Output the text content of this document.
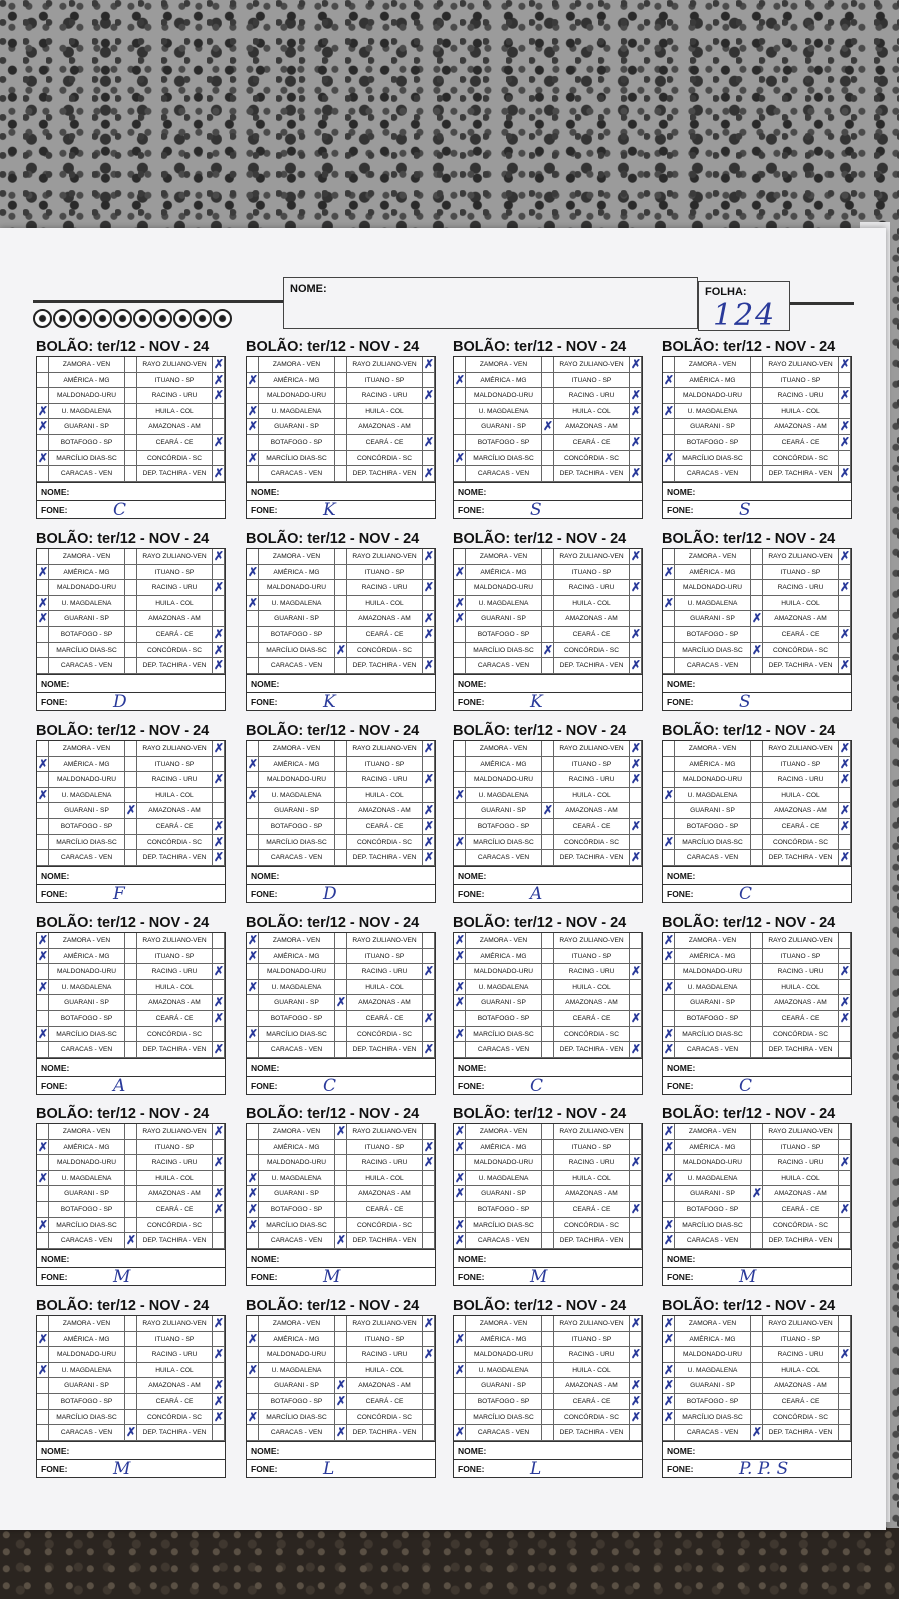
NOME:	FOLHA:
124
BOLÃO: ter/12 - NOV - 24
ZAMORA - VEN	RAYO ZULIANO-VEN ✗
AMÉRICA - MG	ITUANO - SP	✗
MALDONADO-URU	RACING - URU	✗
✗	U. MAGDALENA	HUILA - COL
✗	GUARANI - SP	AMAZONAS - AM
BOTAFOGO - SP	CEARÁ - CE	✗
✗	MARCÍLIO DIAS-SC	CONCÓRDIA - SC
CARACAS - VEN	DEP. TACHIRA - VEN ✗
NOME:
FONE:	C
BOLÃO: ter/12 - NOV - 24
ZAMORA - VEN	RAYO ZULIANO-VEN ✗
✗	AMÉRICA - MG	ITUANO - SP
MALDONADO-URU	RACING - URU	✗
✗	U. MAGDALENA	HUILA - COL
✗	GUARANI - SP	AMAZONAS - AM
BOTAFOGO - SP	CEARÁ - CE	✗
✗	MARCÍLIO DIAS-SC	CONCÓRDIA - SC
CARACAS - VEN	DEP. TACHIRA - VEN ✗
NOME:
FONE:	K
BOLÃO: ter/12 - NOV - 24
ZAMORA - VEN	RAYO ZULIANO-VEN ✗
✗	AMÉRICA - MG	ITUANO - SP
MALDONADO-URU	RACING - URU	✗
U. MAGDALENA	HUILA - COL	✗
GUARANI - SP	✗	AMAZONAS - AM
BOTAFOGO - SP	CEARÁ - CE	✗
✗	MARCÍLIO DIAS-SC	CONCÓRDIA - SC
CARACAS - VEN	DEP. TACHIRA - VEN ✗
NOME:
FONE:	S
BOLÃO: ter/12 - NOV - 24
ZAMORA - VEN	RAYO ZULIANO-VEN ✗
✗	AMÉRICA - MG	ITUANO - SP
MALDONADO-URU	RACING - URU	✗
✗	U. MAGDALENA	HUILA - COL
GUARANI - SP	AMAZONAS - AM	✗
BOTAFOGO - SP	CEARÁ - CE	✗
✗	MARCÍLIO DIAS-SC	CONCÓRDIA - SC
CARACAS - VEN	DEP. TACHIRA - VEN ✗
NOME:
FONE:	S
BOLÃO: ter/12 - NOV - 24
ZAMORA - VEN	RAYO ZULIANO-VEN ✗
✗	AMÉRICA - MG	ITUANO - SP
MALDONADO-URU	RACING - URU	✗
✗	U. MAGDALENA	HUILA - COL
✗	GUARANI - SP	AMAZONAS - AM
BOTAFOGO - SP	CEARÁ - CE	✗
MARCÍLIO DIAS-SC	CONCÓRDIA - SC	✗
CARACAS - VEN	DEP. TACHIRA - VEN ✗
NOME:
FONE:	D
BOLÃO: ter/12 - NOV - 24
ZAMORA - VEN	RAYO ZULIANO-VEN ✗
✗	AMÉRICA - MG	ITUANO - SP
MALDONADO-URU	RACING - URU	✗
✗	U. MAGDALENA	HUILA - COL
GUARANI - SP	AMAZONAS - AM	✗
BOTAFOGO - SP	CEARÁ - CE	✗
MARCÍLIO DIAS-SC ✗	CONCÓRDIA - SC
CARACAS - VEN	DEP. TACHIRA - VEN ✗
NOME:
FONE:	K
BOLÃO: ter/12 - NOV - 24
ZAMORA - VEN	RAYO ZULIANO-VEN ✗
✗	AMÉRICA - MG	ITUANO - SP
MALDONADO-URU	RACING - URU	✗
✗	U. MAGDALENA	HUILA - COL
✗	GUARANI - SP	AMAZONAS - AM
BOTAFOGO - SP	CEARÁ - CE	✗
MARCÍLIO DIAS-SC ✗	CONCÓRDIA - SC
CARACAS - VEN	DEP. TACHIRA - VEN ✗
NOME:
FONE:	K
BOLÃO: ter/12 - NOV - 24
ZAMORA - VEN	RAYO ZULIANO-VEN ✗
✗	AMÉRICA - MG	ITUANO - SP
MALDONADO-URU	RACING - URU	✗
✗	U. MAGDALENA	HUILA - COL
GUARANI - SP	✗	AMAZONAS - AM
BOTAFOGO - SP	CEARÁ - CE	✗
MARCÍLIO DIAS-SC ✗	CONCÓRDIA - SC
CARACAS - VEN	DEP. TACHIRA - VEN ✗
NOME:
FONE:	S
BOLÃO: ter/12 - NOV - 24
ZAMORA - VEN	RAYO ZULIANO-VEN ✗
✗	AMÉRICA - MG	ITUANO - SP
MALDONADO-URU	RACING - URU	✗
✗	U. MAGDALENA	HUILA - COL
GUARANI - SP	✗	AMAZONAS - AM
BOTAFOGO - SP	CEARÁ - CE	✗
MARCÍLIO DIAS-SC	CONCÓRDIA - SC	✗
CARACAS - VEN	DEP. TACHIRA - VEN ✗
NOME:
FONE:	F
BOLÃO: ter/12 - NOV - 24
ZAMORA - VEN	RAYO ZULIANO-VEN ✗
✗	AMÉRICA - MG	ITUANO - SP
MALDONADO-URU	RACING - URU	✗
✗	U. MAGDALENA	HUILA - COL
GUARANI - SP	AMAZONAS - AM	✗
BOTAFOGO - SP	CEARÁ - CE	✗
MARCÍLIO DIAS-SC	CONCÓRDIA - SC	✗
CARACAS - VEN	DEP. TACHIRA - VEN ✗
NOME:
FONE:	D
BOLÃO: ter/12 - NOV - 24
ZAMORA - VEN	RAYO ZULIANO-VEN ✗
AMÉRICA - MG	ITUANO - SP	✗
MALDONADO-URU	RACING - URU	✗
✗	U. MAGDALENA	HUILA - COL
GUARANI - SP	✗	AMAZONAS - AM
BOTAFOGO - SP	CEARÁ - CE	✗
✗	MARCÍLIO DIAS-SC	CONCÓRDIA - SC
CARACAS - VEN	DEP. TACHIRA - VEN ✗
NOME:
FONE:	A
BOLÃO: ter/12 - NOV - 24
ZAMORA - VEN	RAYO ZULIANO-VEN ✗
AMÉRICA - MG	ITUANO - SP	✗
MALDONADO-URU	RACING - URU	✗
✗	U. MAGDALENA	HUILA - COL
GUARANI - SP	AMAZONAS - AM	✗
BOTAFOGO - SP	CEARÁ - CE	✗
✗	MARCÍLIO DIAS-SC	CONCÓRDIA - SC
CARACAS - VEN	DEP. TACHIRA - VEN ✗
NOME:
FONE:	C
BOLÃO: ter/12 - NOV - 24
✗	ZAMORA - VEN	RAYO ZULIANO-VEN
✗	AMÉRICA - MG	ITUANO - SP
MALDONADO-URU	RACING - URU	✗
✗	U. MAGDALENA	HUILA - COL
GUARANI - SP	AMAZONAS - AM	✗
BOTAFOGO - SP	CEARÁ - CE	✗
✗	MARCÍLIO DIAS-SC	CONCÓRDIA - SC
CARACAS - VEN	DEP. TACHIRA - VEN ✗
NOME:
FONE:	A
BOLÃO: ter/12 - NOV - 24
✗	ZAMORA - VEN	RAYO ZULIANO-VEN
✗	AMÉRICA - MG	ITUANO - SP
MALDONADO-URU	RACING - URU	✗
✗	U. MAGDALENA	HUILA - COL
GUARANI - SP	✗	AMAZONAS - AM
BOTAFOGO - SP	CEARÁ - CE	✗
✗	MARCÍLIO DIAS-SC	CONCÓRDIA - SC
CARACAS - VEN	DEP. TACHIRA - VEN ✗
NOME:
FONE:	C
BOLÃO: ter/12 - NOV - 24
✗	ZAMORA - VEN	RAYO ZULIANO-VEN
✗	AMÉRICA - MG	ITUANO - SP
MALDONADO-URU	RACING - URU	✗
✗	U. MAGDALENA	HUILA - COL
✗	GUARANI - SP	AMAZONAS - AM
BOTAFOGO - SP	CEARÁ - CE	✗
✗	MARCÍLIO DIAS-SC	CONCÓRDIA - SC
CARACAS - VEN	DEP. TACHIRA - VEN ✗
NOME:
FONE:	C
BOLÃO: ter/12 - NOV - 24
✗	ZAMORA - VEN	RAYO ZULIANO-VEN
✗	AMÉRICA - MG	ITUANO - SP
MALDONADO-URU	RACING - URU	✗
✗	U. MAGDALENA	HUILA - COL
GUARANI - SP	AMAZONAS - AM	✗
BOTAFOGO - SP	CEARÁ - CE	✗
✗	MARCÍLIO DIAS-SC	CONCÓRDIA - SC
✗	CARACAS - VEN	DEP. TACHIRA - VEN
NOME:
FONE:	C
BOLÃO: ter/12 - NOV - 24
ZAMORA - VEN	RAYO ZULIANO-VEN ✗
✗	AMÉRICA - MG	ITUANO - SP
MALDONADO-URU	RACING - URU	✗
✗	U. MAGDALENA	HUILA - COL
GUARANI - SP	AMAZONAS - AM	✗
BOTAFOGO - SP	CEARÁ - CE	✗
✗	MARCÍLIO DIAS-SC	CONCÓRDIA - SC
CARACAS - VEN	✗ DEP. TACHIRA - VEN
NOME:
FONE:	M
BOLÃO: ter/12 - NOV - 24
ZAMORA - VEN	✗ RAYO ZULIANO-VEN
AMÉRICA - MG	ITUANO - SP	✗
MALDONADO-URU	RACING - URU	✗
✗	U. MAGDALENA	HUILA - COL
✗	GUARANI - SP	AMAZONAS - AM
✗	BOTAFOGO - SP	CEARÁ - CE
✗	MARCÍLIO DIAS-SC	CONCÓRDIA - SC
CARACAS - VEN	✗ DEP. TACHIRA - VEN
NOME:
FONE:	M
BOLÃO: ter/12 - NOV - 24
✗	ZAMORA - VEN	RAYO ZULIANO-VEN
✗	AMÉRICA - MG	ITUANO - SP
MALDONADO-URU	RACING - URU	✗
✗	U. MAGDALENA	HUILA - COL
✗	GUARANI - SP	AMAZONAS - AM
BOTAFOGO - SP	CEARÁ - CE	✗
✗	MARCÍLIO DIAS-SC	CONCÓRDIA - SC
✗	CARACAS - VEN	DEP. TACHIRA - VEN
NOME:
FONE:	M
BOLÃO: ter/12 - NOV - 24
✗	ZAMORA - VEN	RAYO ZULIANO-VEN
✗	AMÉRICA - MG	ITUANO - SP
MALDONADO-URU	RACING - URU	✗
✗	U. MAGDALENA	HUILA - COL
GUARANI - SP	✗	AMAZONAS - AM
BOTAFOGO - SP	CEARÁ - CE	✗
✗	MARCÍLIO DIAS-SC	CONCÓRDIA - SC
✗	CARACAS - VEN	DEP. TACHIRA - VEN
NOME:
FONE:	M
BOLÃO: ter/12 - NOV - 24
ZAMORA - VEN	RAYO ZULIANO-VEN ✗
✗	AMÉRICA - MG	ITUANO - SP
MALDONADO-URU	RACING - URU	✗
✗	U. MAGDALENA	HUILA - COL
GUARANI - SP	AMAZONAS - AM	✗
BOTAFOGO - SP	CEARÁ - CE	✗
MARCÍLIO DIAS-SC	CONCÓRDIA - SC	✗
CARACAS - VEN	✗ DEP. TACHIRA - VEN
NOME:
FONE:	M
BOLÃO: ter/12 - NOV - 24
ZAMORA - VEN	RAYO ZULIANO-VEN ✗
✗	AMÉRICA - MG	ITUANO - SP
MALDONADO-URU	RACING - URU	✗
✗	U. MAGDALENA	HUILA - COL
GUARANI - SP	✗	AMAZONAS - AM
BOTAFOGO - SP	✗	CEARÁ - CE
✗	MARCÍLIO DIAS-SC	CONCÓRDIA - SC
CARACAS - VEN	✗ DEP. TACHIRA - VEN
NOME:
FONE:	L
BOLÃO: ter/12 - NOV - 24
ZAMORA - VEN	RAYO ZULIANO-VEN ✗
✗	AMÉRICA - MG	ITUANO - SP
MALDONADO-URU	RACING - URU	✗
✗	U. MAGDALENA	HUILA - COL
GUARANI - SP	AMAZONAS - AM	✗
BOTAFOGO - SP	CEARÁ - CE	✗
MARCÍLIO DIAS-SC	CONCÓRDIA - SC	✗
✗	CARACAS - VEN	DEP. TACHIRA - VEN
NOME:
FONE:	L
BOLÃO: ter/12 - NOV - 24
✗	ZAMORA - VEN	RAYO ZULIANO-VEN
✗	AMÉRICA - MG	ITUANO - SP
MALDONADO-URU	RACING - URU	✗
✗	U. MAGDALENA	HUILA - COL
✗	GUARANI - SP	AMAZONAS - AM
✗	BOTAFOGO - SP	CEARÁ - CE
✗	MARCÍLIO DIAS-SC	CONCÓRDIA - SC
CARACAS - VEN	✗ DEP. TACHIRA - VEN
NOME:
FONE:	P. P. S
